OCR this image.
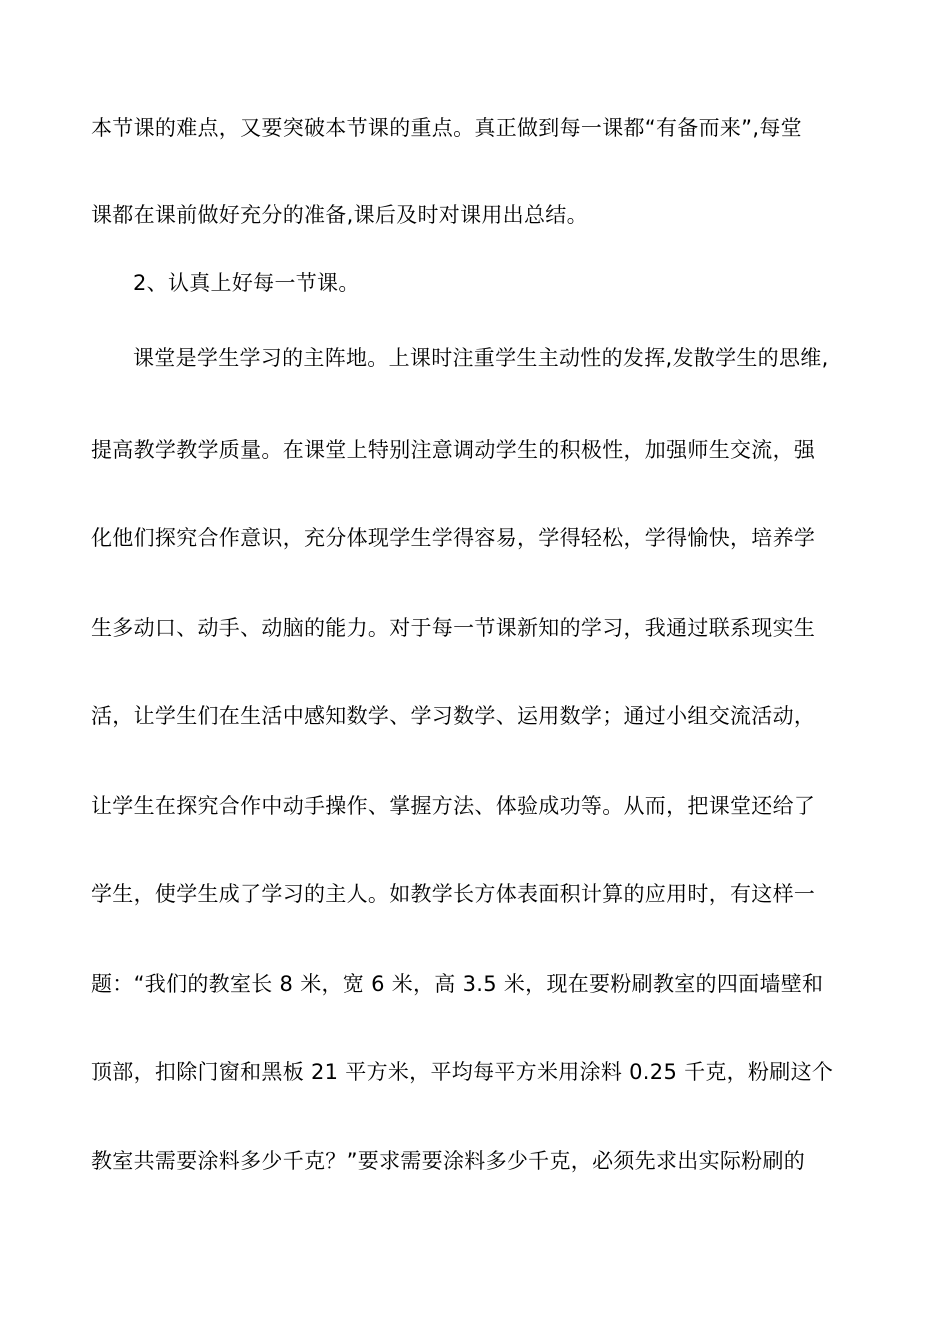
本节课的难点，又要突破本节课的重点。真正做到每一课都“有备而来”,每堂
课都在课前做好充分的准备,课后及时对课用出总结。
2、认真上好每一节课。
课堂是学生学习的主阵地。上课时注重学生主动性的发挥,发散学生的思维,
提高教学教学质量。在课堂上特别注意调动学生的积极性，加强师生交流，强
化他们探究合作意识，充分体现学生学得容易，学得轻松，学得愉快，培养学
生多动口、动手、动脑的能力。对于每一节课新知的学习，我通过联系现实生
活，让学生们在生活中感知数学、学习数学、运用数学；通过小组交流活动，
让学生在探究合作中动手操作、掌握方法、体验成功等。从而，把课堂还给了
学生，使学生成了学习的主人。如教学长方体表面积计算的应用时，有这样一
题：“我们的教室长 8 米，宽 6 米，高 3.5 米，现在要粉刷教室的四面墙壁和
顶部，扣除门窗和黑板 21 平方米，平均每平方米用涂料 0.25 千克，粉刷这个
教室共需要涂料多少千克？”要求需要涂料多少千克，必须先求出实际粉刷的
